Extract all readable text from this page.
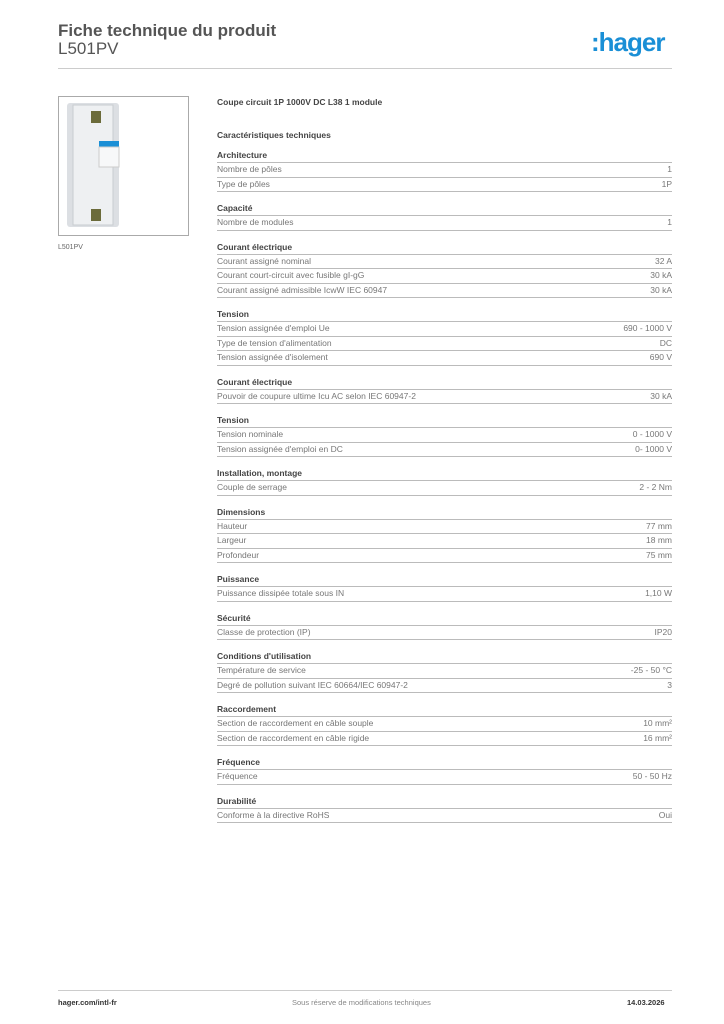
Fiche technique du produit
L501PV	:hager
L501PV
Coupe circuit 1P 1000V DC L38 1 module
Caractéristiques techniques
Architecture
Nombre de pôles	1
Type de pôles	1P
Capacité
Nombre de modules	1
Courant électrique
Courant assigné nominal	32 A
Courant court-circuit avec fusible gI-gG	30 kA
Courant assigné admissible IcwW IEC 60947	30 kA
Tension
Tension assignée d'emploi Ue	690 - 1000 V
Type de tension d'alimentation	DC
Tension assignée d'isolement	690 V
Courant électrique
Pouvoir de coupure ultime Icu AC selon IEC 60947-2	30 kA
Tension
Tension nominale	0 - 1000 V
Tension assignée d'emploi en DC	0- 1000 V
Installation, montage
Couple de serrage	2 - 2 Nm
Dimensions
Hauteur	77 mm
Largeur	18 mm
Profondeur	75 mm
Puissance
Puissance dissipée totale sous IN	1,10 W
Sécurité
Classe de protection (IP)	IP20
Conditions d'utilisation
Température de service	-25 - 50 °C
Degré de pollution suivant IEC 60664/IEC 60947-2	3
Raccordement
Section de raccordement en câble souple	10 mm²
Section de raccordement en câble rigide	16 mm²
Fréquence
Fréquence	50 - 50 Hz
Durabilité
Conforme à la directive RoHS	Oui
hager.com/intl-fr	Sous réserve de modifications techniques	14.03.2026
